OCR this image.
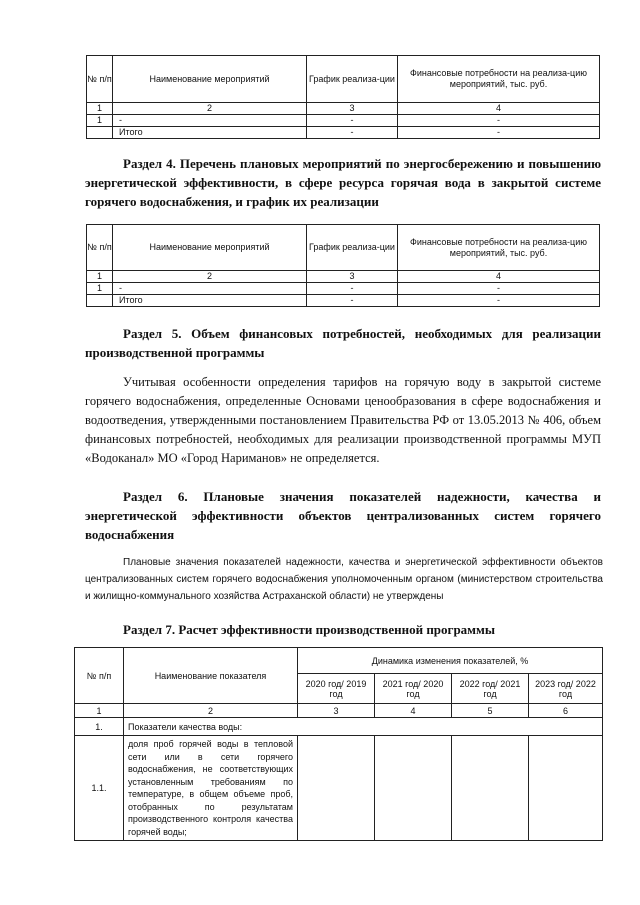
№ п/п	Наименование мероприятий	График реализа-ции	Финансовые потребности на реализа-цию мероприятий, тыс. руб.
1	2	3	4
1	-	-	-
	Итого	-	-
Раздел 4. Перечень плановых мероприятий по энергосбережению и повышению энергетической эффективности, в сфере ресурса горячая вода в закрытой системе горячего водоснабжения, и график их реализации
№ п/п	Наименование мероприятий	График реализа-ции	Финансовые потребности на реализа-цию мероприятий, тыс. руб.
1	2	3	4
1	-	-	-
	Итого	-	-
Раздел 5. Объем финансовых потребностей, необходимых для реализации производственной программы
Учитывая особенности определения тарифов на горячую воду в закрытой системе горячего водоснабжения, определенные Основами ценообразования в сфере водоснабжения и водоотведения, утвержденными постановлением Правительства РФ от 13.05.2013 № 406, объем финансовых потребностей, необходимых для реализации производственной программы МУП «Водоканал» МО «Город Нариманов» не определяется.
Раздел 6. Плановые значения показателей надежности, качества и энергетической эффективности объектов централизованных систем горячего водоснабжения
Плановые значения показателей надежности, качества и энергетической эффективности объектов централизованных систем горячего водоснабжения уполномоченным органом (министерством строительства и жилищно-коммунального хозяйства Астраханской области) не утверждены
Раздел 7. Расчет эффективности производственной программы
№ п/п	Наименование показателя	Динамика изменения показателей, %			
		2020 год/ 2019 год	2021 год/ 2020 год	2022 год/ 2021 год	2023 год/ 2022 год
1	2	3	4	5	6
1.	Показатели качества воды:				
1.1.	доля проб горячей воды в тепловой сети или в сети горячего водоснабжения, не соответствующих установленным требованиям по температуре, в общем объеме проб, отобранных по результатам производственного контроля качества горячей воды;				
